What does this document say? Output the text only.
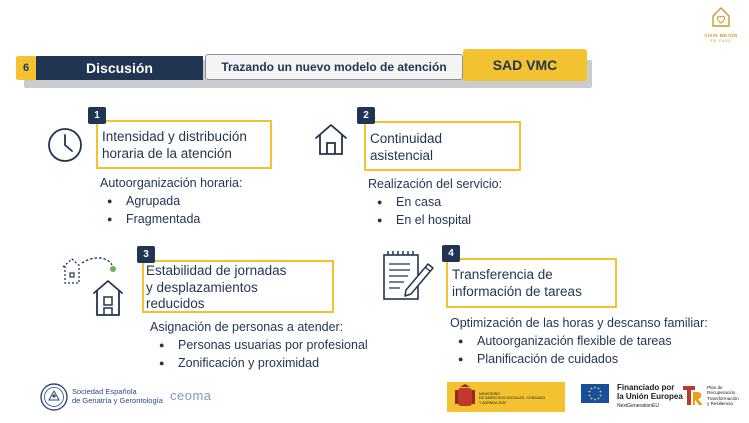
VIVIR MEJOR
EN CASA
6	Discusión	Trazando un nuevo modelo de atención	SAD VMC
1
Intensidad y distribución
horaria de la atención
Autoorganización horaria:
● Agrupada
● Fragmentada
2
Continuidad
asistencial
Realización del servicio:
● En casa
● En el hospital
3
Estabilidad de jornadas
y desplazamientos
reducidos
Asignación de personas a atender:
● Personas usuarias por profesional
● Zonificación y proximidad
4
Transferencia de
información de tareas
Optimización de las horas y descanso familiar:
● Autoorganización flexible de tareas
● Planificación de cuidados
Sociedad Española
de Geriatría y Gerontología ceoma	MINISTERIO
DE DERECHOS SOCIALES, CONSUMO
Y AGENDA 2030
Financiado por
la Unión Europea
NextGenerationEU
Plan de
Recuperación,
Transformación
y Resiliencia
